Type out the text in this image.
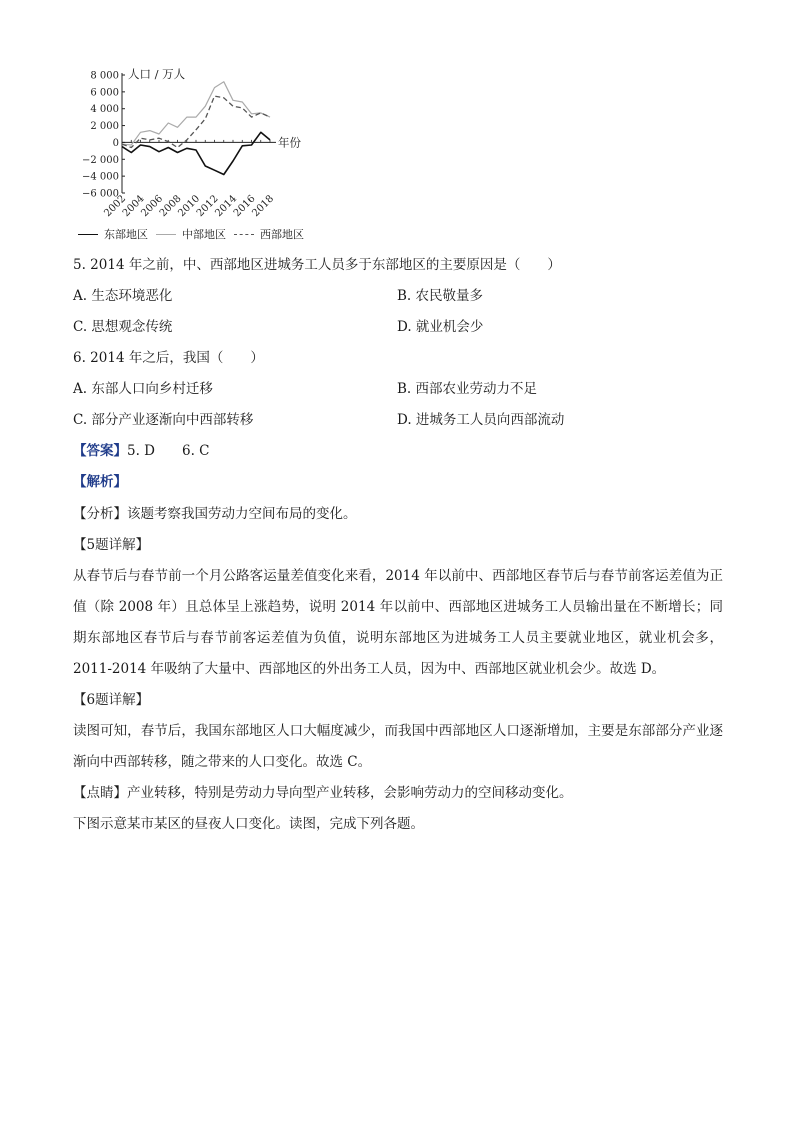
8 000
6 000
4 000
2 000
0
−2 000
−4 000
−6 000
2002
2004
2006
2008
2010
2012
2014
2016
2018
人口 / 万人
年份
东部地区	中部地区	西部地区
5. 2014 年之前，中、西部地区进城务工人员多于东部地区的主要原因是（　　）
A. 生态环境恶化	B. 农民敬量多
C. 思想观念传统	D. 就业机会少
6. 2014 年之后，我国（　　）
A. 东部人口向乡村迁移	B. 西部农业劳动力不足
C. 部分产业逐渐向中西部转移	D. 进城务工人员向西部流动
【答案】5. D　　6. C
【解析】
【分析】该题考察我国劳动力空间布局的变化。
【5题详解】
从春节后与春节前一个月公路客运量差值变化来看，2014 年以前中、西部地区春节后与春节前客运差值为正值（除 2008 年）且总体呈上涨趋势，说明 2014 年以前中、西部地区进城务工人员输出量在不断增长；同期东部地区春节后与春节前客运差值为负值，说明东部地区为进城务工人员主要就业地区，就业机会多，2011-2014 年吸纳了大量中、西部地区的外出务工人员，因为中、西部地区就业机会少。故选 D。
【6题详解】
读图可知，春节后，我国东部地区人口大幅度减少，而我国中西部地区人口逐渐增加，主要是东部部分产业逐渐向中西部转移，随之带来的人口变化。故选 C。
【点睛】产业转移，特别是劳动力导向型产业转移，会影响劳动力的空间移动变化。
下图示意某市某区的昼夜人口变化。读图，完成下列各题。
